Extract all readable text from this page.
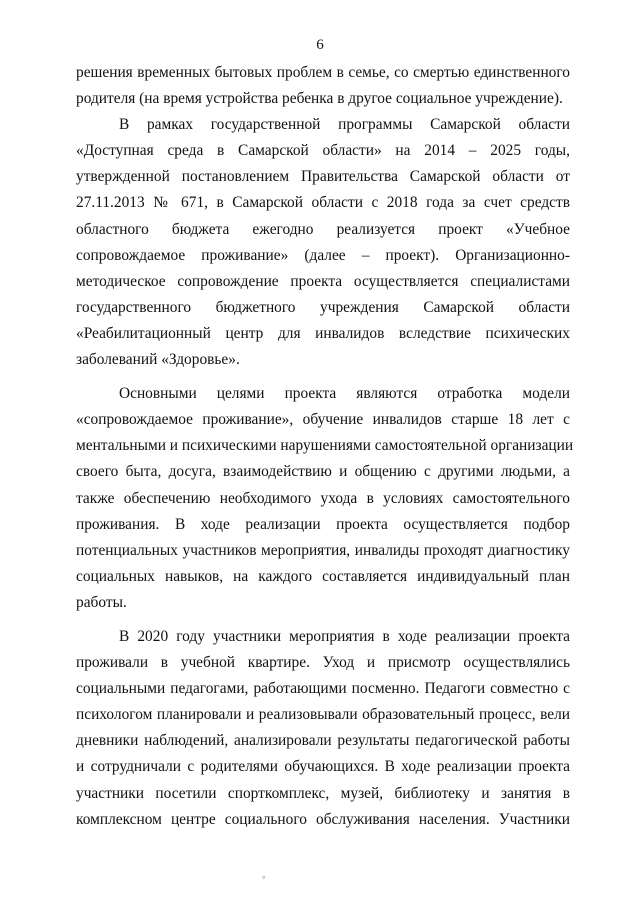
6

решения временных бытовых проблем в семье, со смертью единственного
родителя (на время устройства ребенка в другое социальное учреждение).

В рамках государственной программы Самарской области
«Доступная среда в Самарской области» на 2014 – 2025 годы,
утвержденной постановлением Правительства Самарской области от
27.11.2013 № 671, в Самарской области с 2018 года за счет средств
областного бюджета ежегодно реализуется проект «Учебное
сопровождаемое проживание» (далее – проект). Организационно-
методическое сопровождение проекта осуществляется специалистами
государственного бюджетного учреждения Самарской области
«Реабилитационный центр для инвалидов вследствие психических
заболеваний «Здоровье».

Основными целями проекта являются отработка модели
«сопровождаемое проживание», обучение инвалидов старше 18 лет с
ментальными и психическими нарушениями самостоятельной организации
своего быта, досуга, взаимодействию и общению с другими людьми, а
также обеспечению необходимого ухода в условиях самостоятельного
проживания. В ходе реализации проекта осуществляется подбор
потенциальных участников мероприятия, инвалиды проходят диагностику
социальных навыков, на каждого составляется индивидуальный план
работы.

В 2020 году участники мероприятия в ходе реализации проекта
проживали в учебной квартире. Уход и присмотр осуществлялись
социальными педагогами, работающими посменно. Педагоги совместно с
психологом планировали и реализовывали образовательный процесс, вели
дневники наблюдений, анализировали результаты педагогической работы
и сотрудничали с родителями обучающихся. В ходе реализации проекта
участники посетили спорткомплекс, музей, библиотеку и занятия в
комплексном центре социального обслуживания населения. Участники

◦
